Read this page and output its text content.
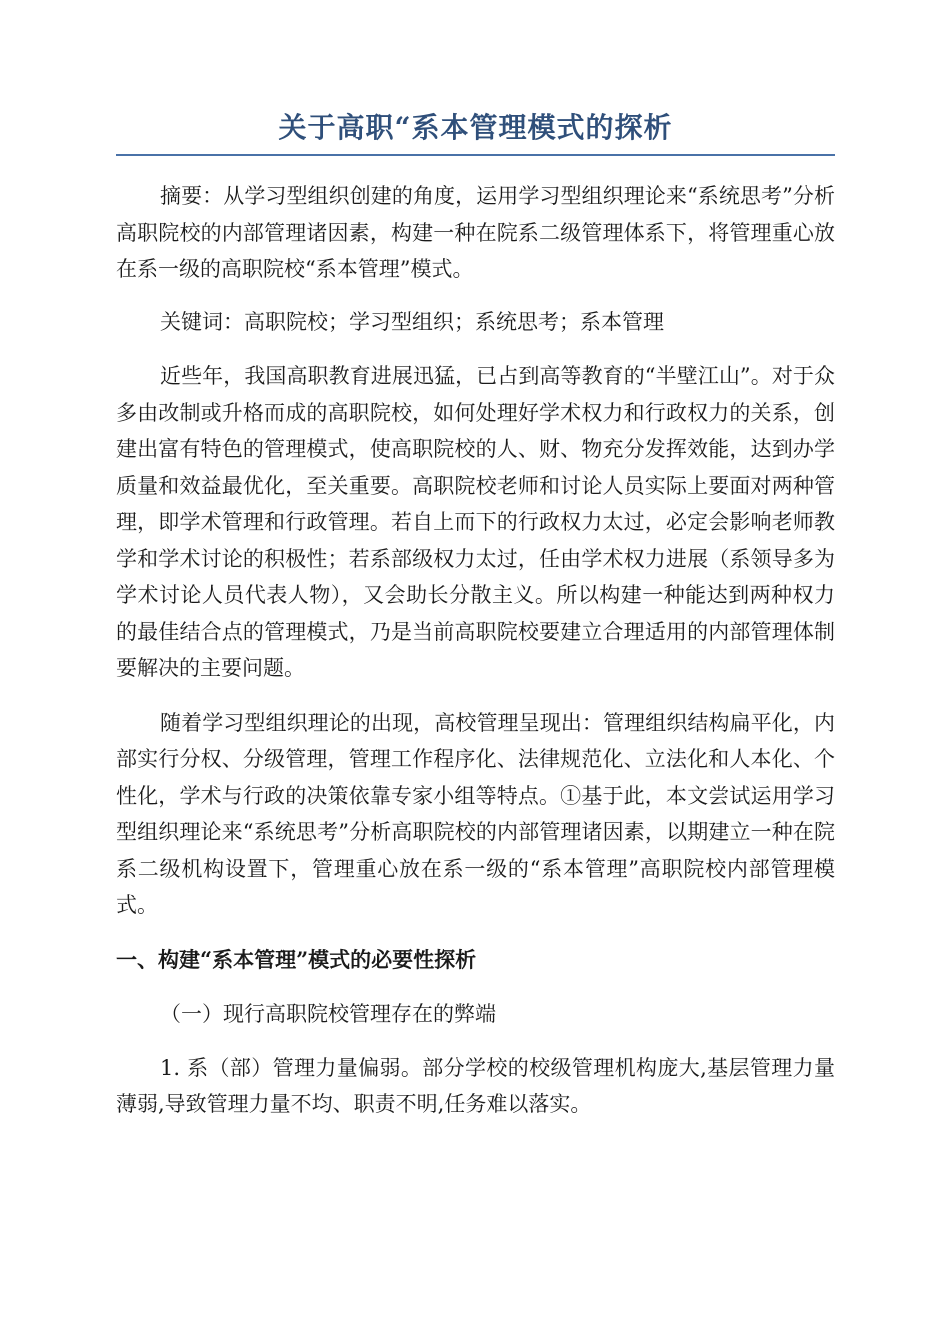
关于高职“系本管理模式的探析

摘要：从学习型组织创建的角度，运用学习型组织理论来“系统思考”分析高职院校的内部管理诸因素，构建一种在院系二级管理体系下，将管理重心放在系一级的高职院校“系本管理”模式。

关键词：高职院校；学习型组织；系统思考；系本管理

近些年，我国高职教育进展迅猛，已占到高等教育的“半壁江山”。对于众多由改制或升格而成的高职院校，如何处理好学术权力和行政权力的关系，创建出富有特色的管理模式，使高职院校的人、财、物充分发挥效能，达到办学质量和效益最优化，至关重要。高职院校老师和讨论人员实际上要面对两种管理，即学术管理和行政管理。若自上而下的行政权力太过，必定会影响老师教学和学术讨论的积极性；若系部级权力太过，任由学术权力进展（系领导多为学术讨论人员代表人物），又会助长分散主义。所以构建一种能达到两种权力的最佳结合点的管理模式，乃是当前高职院校要建立合理适用的内部管理体制要解决的主要问题。

随着学习型组织理论的出现，高校管理呈现出：管理组织结构扁平化，内部实行分权、分级管理，管理工作程序化、法律规范化、立法化和人本化、个性化，学术与行政的决策依靠专家小组等特点。①基于此，本文尝试运用学习型组织理论来“系统思考”分析高职院校的内部管理诸因素，以期建立一种在院系二级机构设置下，管理重心放在系一级的“系本管理”高职院校内部管理模式。

一、构建“系本管理”模式的必要性探析
（一）现行高职院校管理存在的弊端

1. 系（部）管理力量偏弱。部分学校的校级管理机构庞大,基层管理力量薄弱,导致管理力量不均、职责不明,任务难以落实。
